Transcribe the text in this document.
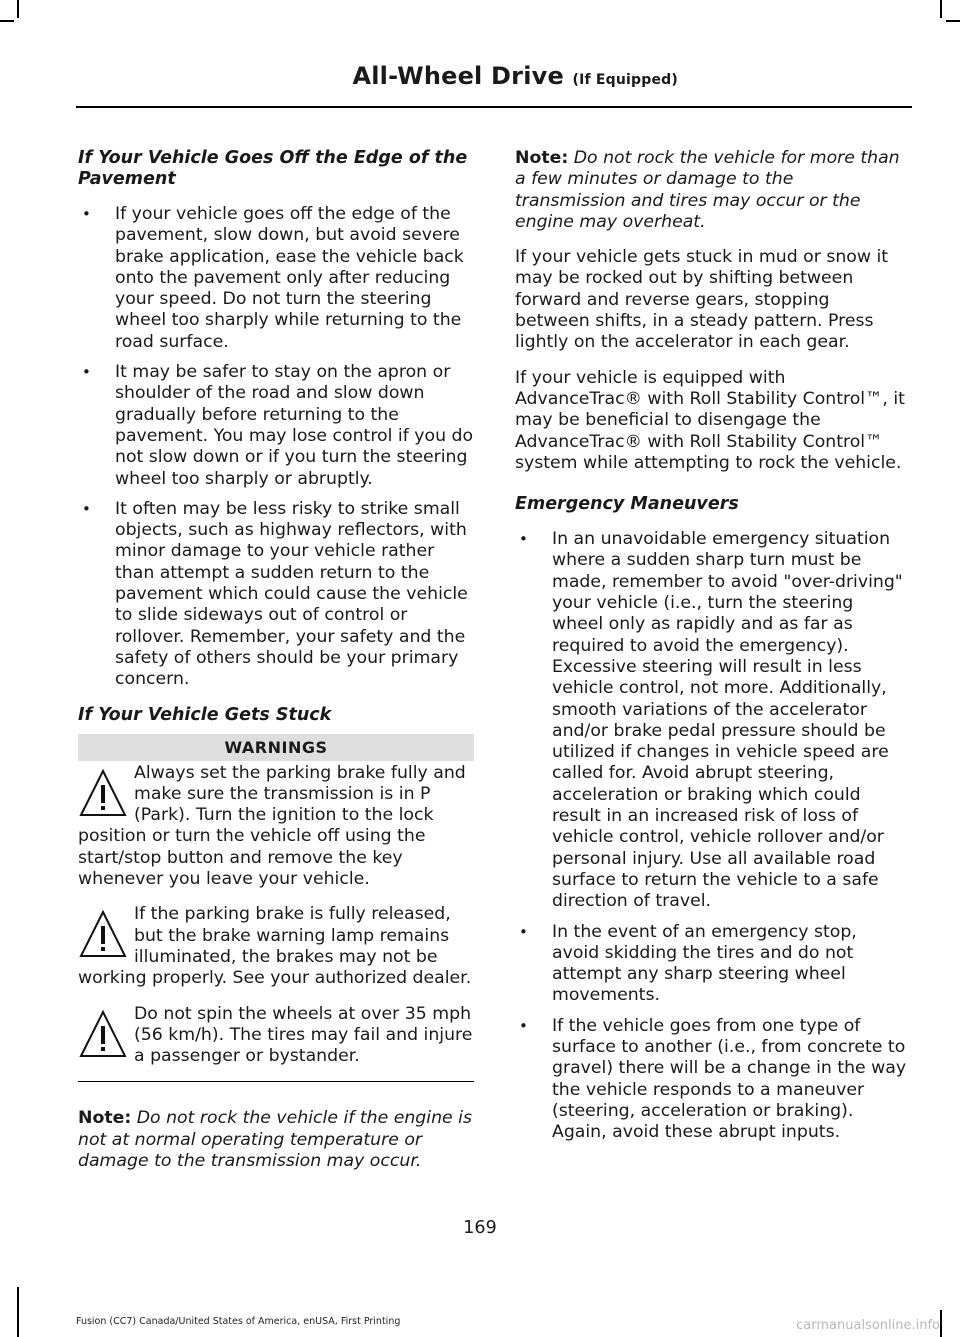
All-Wheel Drive (If Equipped)
If Your Vehicle Goes Off the Edge of the Pavement
• If your vehicle goes off the edge of the pavement, slow down, but avoid severe brake application, ease the vehicle back onto the pavement only after reducing your speed. Do not turn the steering wheel too sharply while returning to the road surface.
• It may be safer to stay on the apron or shoulder of the road and slow down gradually before returning to the pavement. You may lose control if you do not slow down or if you turn the steering wheel too sharply or abruptly.
• It often may be less risky to strike small objects, such as highway reflectors, with minor damage to your vehicle rather than attempt a sudden return to the pavement which could cause the vehicle to slide sideways out of control or rollover. Remember, your safety and the safety of others should be your primary concern.
If Your Vehicle Gets Stuck
WARNINGS
Always set the parking brake fully and make sure the transmission is in P (Park). Turn the ignition to the lock position or turn the vehicle off using the start/stop button and remove the key whenever you leave your vehicle.
If the parking brake is fully released, but the brake warning lamp remains illuminated, the brakes may not be working properly. See your authorized dealer.
Do not spin the wheels at over 35 mph (56 km/h). The tires may fail and injure a passenger or bystander.
Note: Do not rock the vehicle if the engine is not at normal operating temperature or damage to the transmission may occur.
Note: Do not rock the vehicle for more than a few minutes or damage to the transmission and tires may occur or the engine may overheat.
If your vehicle gets stuck in mud or snow it may be rocked out by shifting between forward and reverse gears, stopping between shifts, in a steady pattern. Press lightly on the accelerator in each gear.
If your vehicle is equipped with AdvanceTrac® with Roll Stability Control™, it may be beneficial to disengage the AdvanceTrac® with Roll Stability Control™ system while attempting to rock the vehicle.
Emergency Maneuvers
• In an unavoidable emergency situation where a sudden sharp turn must be made, remember to avoid "over-driving" your vehicle (i.e., turn the steering wheel only as rapidly and as far as required to avoid the emergency). Excessive steering will result in less vehicle control, not more. Additionally, smooth variations of the accelerator and/or brake pedal pressure should be utilized if changes in vehicle speed are called for. Avoid abrupt steering, acceleration or braking which could result in an increased risk of loss of vehicle control, vehicle rollover and/or personal injury. Use all available road surface to return the vehicle to a safe direction of travel.
• In the event of an emergency stop, avoid skidding the tires and do not attempt any sharp steering wheel movements.
• If the vehicle goes from one type of surface to another (i.e., from concrete to gravel) there will be a change in the way the vehicle responds to a maneuver (steering, acceleration or braking). Again, avoid these abrupt inputs.
169
Fusion (CC7) Canada/United States of America, enUSA, First Printing	carmanualsonline.info
